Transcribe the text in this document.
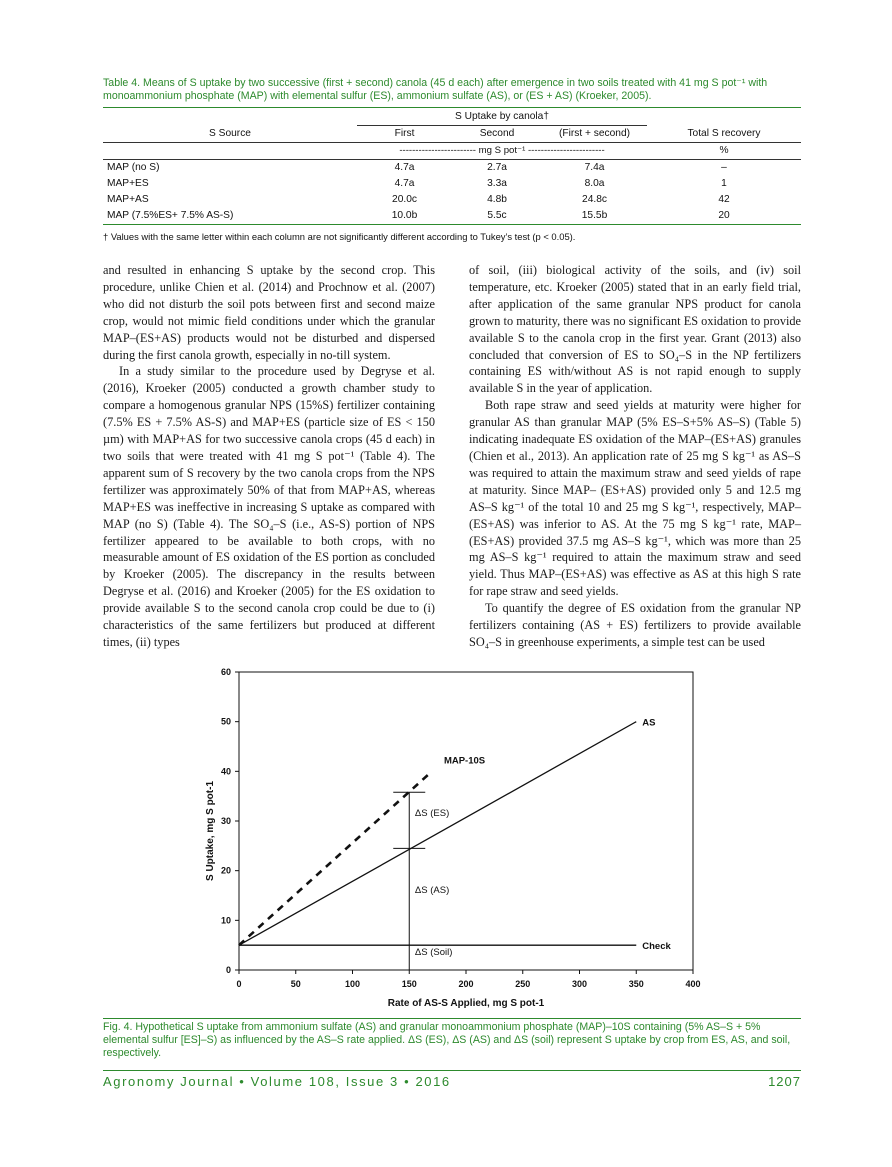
Table 4. Means of S uptake by two successive (first + second) canola (45 d each) after emergence in two soils treated with 41 mg S pot⁻¹ with monoammonium phosphate (MAP) with elemental sulfur (ES), ammonium sulfate (AS), or (ES + AS) (Kroeker, 2005).
	S Uptake by canola†			
S Source	First	Second	(First + second)	Total S recovery
	------------------------ mg S pot⁻¹ ------------------------			%
MAP (no S)	4.7a	2.7a	7.4a	–
MAP+ES	4.7a	3.3a	8.0a	1
MAP+AS	20.0c	4.8b	24.8c	42
MAP (7.5%ES+ 7.5% AS-S)	10.0b	5.5c	15.5b	20
† Values with the same letter within each column are not significantly different according to Tukey’s test (p < 0.05).

and resulted in enhancing S uptake by the second crop. This procedure, unlike Chien et al. (2014) and Prochnow et al. (2007) who did not disturb the soil pots between first and second maize crop, would not mimic field conditions under which the granular MAP–(ES+AS) products would not be disturbed and dispersed during the first canola growth, especially in no-till system.

In a study similar to the procedure used by Degryse et al. (2016), Kroeker (2005) conducted a growth chamber study to compare a homogenous granular NPS (15%S) fertilizer containing (7.5% ES + 7.5% AS-S) and MAP+ES (particle size of ES < 150 µm) with MAP+AS for two successive canola crops (45 d each) in two soils that were treated with 41 mg S pot⁻¹ (Table 4). The apparent sum of S recovery by the two canola crops from the NPS fertilizer was approximately 50% of that from MAP+AS, whereas MAP+ES was ineffective in increasing S uptake as compared with MAP (no S) (Table 4). The SO₄–S (i.e., AS-S) portion of NPS fertilizer appeared to be available to both crops, with no measurable amount of ES oxidation of the ES portion as concluded by Kroeker (2005). The discrepancy in the results between Degryse et al. (2016) and Kroeker (2005) for the ES oxidation to provide available S to the second canola crop could be due to (i) characteristics of the same fertilizers but produced at different times, (ii) types

of soil, (iii) biological activity of the soils, and (iv) soil temperature, etc. Kroeker (2005) stated that in an early field trial, after application of the same granular NPS product for canola grown to maturity, there was no significant ES oxidation to provide available S to the canola crop in the first year. Grant (2013) also concluded that conversion of ES to SO₄–S in the NP fertilizers containing ES with/without AS is not rapid enough to supply available S in the year of application.

Both rape straw and seed yields at maturity were higher for granular AS than granular MAP (5% ES–S+5% AS–S) (Table 5) indicating inadequate ES oxidation of the MAP–(ES+AS) granules (Chien et al., 2013). An application rate of 25 mg S kg⁻¹ as AS–S was required to attain the maximum straw and seed yields of rape at maturity. Since MAP– (ES+AS) provided only 5 and 12.5 mg AS–S kg⁻¹ of the total 10 and 25 mg S kg⁻¹, respectively, MAP–(ES+AS) was inferior to AS. At the 75 mg S kg⁻¹ rate, MAP–(ES+AS) provided 37.5 mg AS–S kg⁻¹, which was more than 25 mg AS–S kg⁻¹ required to attain the maximum straw and seed yield. Thus MAP–(ES+AS) was effective as AS at this high S rate for rape straw and seed yields.

To quantify the degree of ES oxidation from the granular NP fertilizers containing (AS + ES) fertilizers to provide available SO₄–S in greenhouse experiments, a simple test can be used

0	50	100	150	200	250	300	350	400
0
10
20
30
40
50
60
AS
MAP-10S
Check
ΔS (ES)
ΔS (AS)
ΔS (Soil)
S Uptake, mg S pot-1
Rate of AS-S Applied, mg S pot-1
Fig. 4. Hypothetical S uptake from ammonium sulfate (AS) and granular monoammonium phosphate (MAP)–10S containing (5% AS–S + 5% elemental sulfur [ES]–S) as influenced by the AS–S rate applied. ΔS (ES), ΔS (AS) and ΔS (soil) represent S uptake by crop from ES, AS, and soil, respectively.
Agronomy Journal • Volume 108, Issue 3 • 2016	1207
